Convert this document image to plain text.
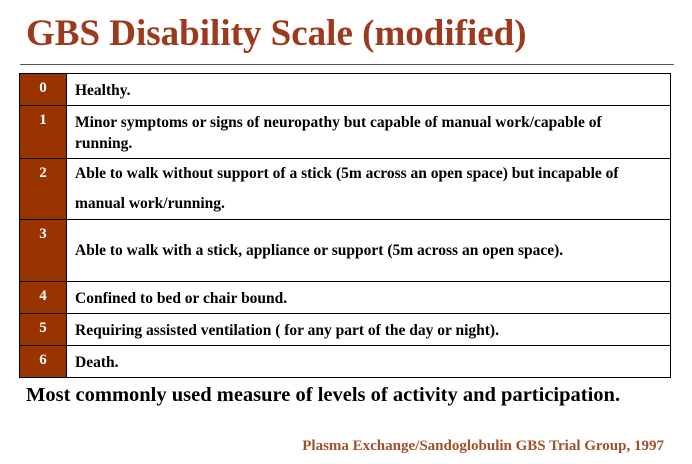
GBS Disability Scale (modified)
0	Healthy.
1	Minor symptoms or signs of neuropathy but capable of manual work/capable of running.
2	Able to walk without support of a stick (5m across an open space) but incapable of manual work/running.
3	Able to walk with a stick, appliance or support (5m across an open space).
4	Confined to bed or chair bound.
5	Requiring assisted ventilation ( for any part of the day or night).
6	Death.
Most commonly used measure of levels of activity and participation.
Plasma Exchange/Sandoglobulin GBS Trial Group, 1997
